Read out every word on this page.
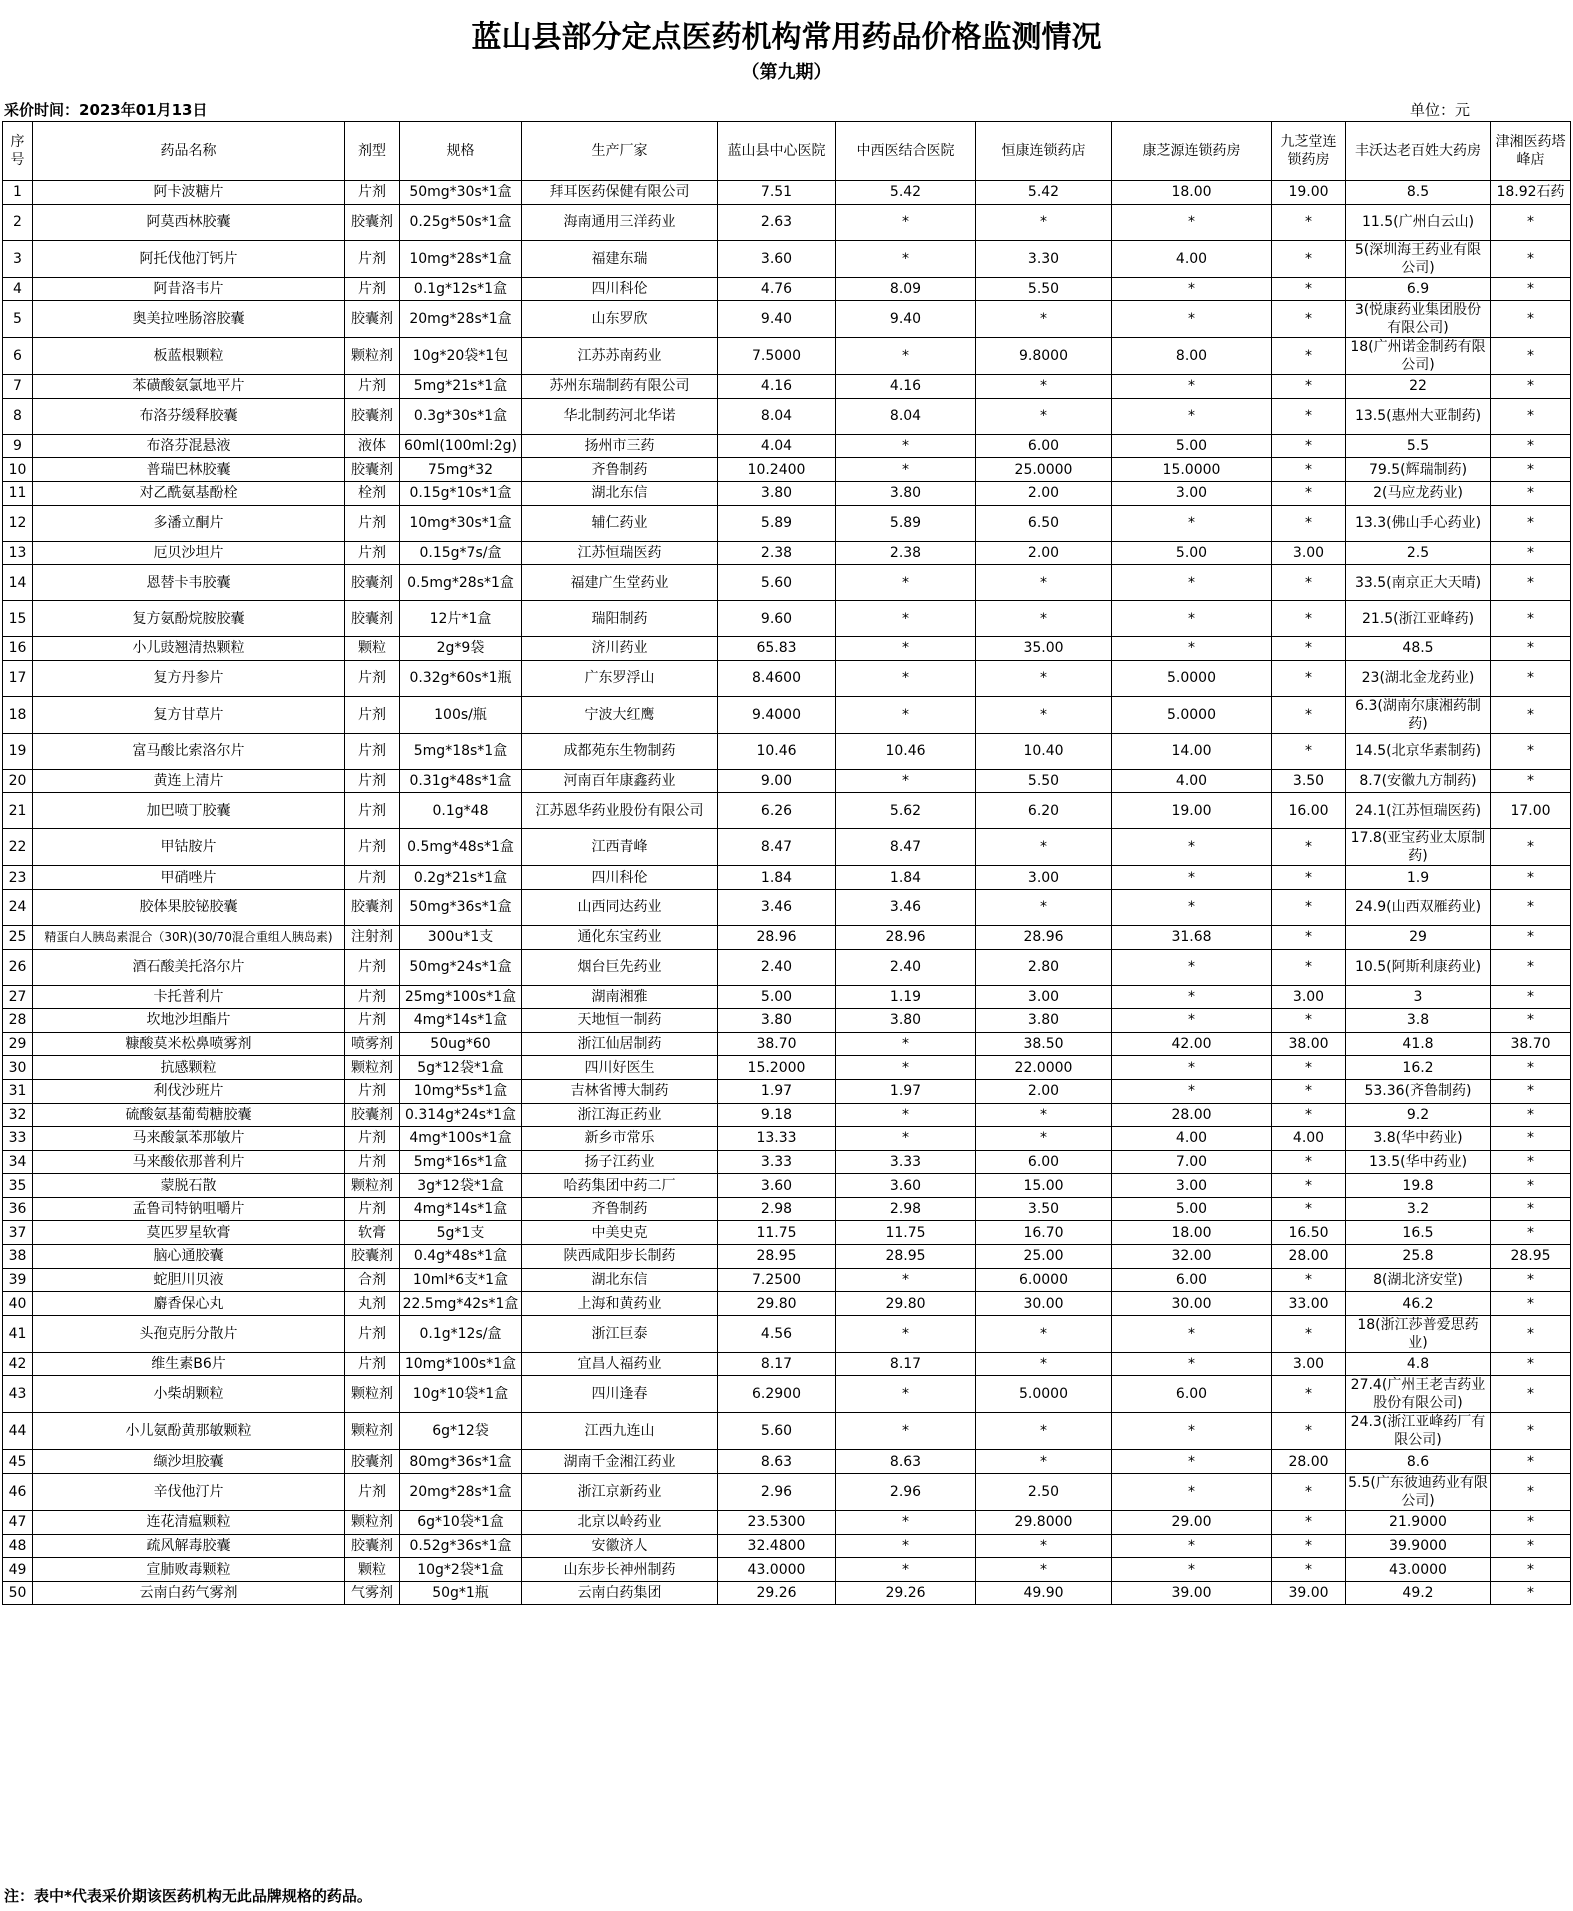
蓝山县部分定点医药机构常用药品价格监测情况
（第九期）
采价时间：2023年01月13日	单位：元
序号	药品名称	剂型	规格	生产厂家	蓝山县中心医院	中西医结合医院	恒康连锁药店	康芝源连锁药房	九芝堂连锁药房	丰沃达老百姓大药房	津湘医药塔峰店
1	阿卡波糖片	片剂	50mg*30s*1盒	拜耳医药保健有限公司	7.51	5.42	5.42	18.00	19.00	8.5	18.92石药
2	阿莫西林胶囊	胶囊剂	0.25g*50s*1盒	海南通用三洋药业	2.63	*	*	*	*	11.5(广州白云山)	*
3	阿托伐他汀钙片	片剂	10mg*28s*1盒	福建东瑞	3.60	*	3.30	4.00	*	5(深圳海王药业有限公司)	*
4	阿昔洛韦片	片剂	0.1g*12s*1盒	四川科伦	4.76	8.09	5.50	*	*	6.9	*
5	奥美拉唑肠溶胶囊	胶囊剂	20mg*28s*1盒	山东罗欣	9.40	9.40	*	*	*	3(悦康药业集团股份有限公司)	*
6	板蓝根颗粒	颗粒剂	10g*20袋*1包	江苏苏南药业	7.5000	*	9.8000	8.00	*	18(广州诺金制药有限公司)	*
7	苯磺酸氨氯地平片	片剂	5mg*21s*1盒	苏州东瑞制药有限公司	4.16	4.16	*	*	*	22	*
8	布洛芬缓释胶囊	胶囊剂	0.3g*30s*1盒	华北制药河北华诺	8.04	8.04	*	*	*	13.5(惠州大亚制药)	*
9	布洛芬混悬液	液体	60ml(100ml:2g)	扬州市三药	4.04	*	6.00	5.00	*	5.5	*
10	普瑞巴林胶囊	胶囊剂	75mg*32	齐鲁制药	10.2400	*	25.0000	15.0000	*	79.5(辉瑞制药)	*
11	对乙酰氨基酚栓	栓剂	0.15g*10s*1盒	湖北东信	3.80	3.80	2.00	3.00	*	2(马应龙药业)	*
12	多潘立酮片	片剂	10mg*30s*1盒	辅仁药业	5.89	5.89	6.50	*	*	13.3(佛山手心药业)	*
13	厄贝沙坦片	片剂	0.15g*7s/盒	江苏恒瑞医药	2.38	2.38	2.00	5.00	3.00	2.5	*
14	恩替卡韦胶囊	胶囊剂	0.5mg*28s*1盒	福建广生堂药业	5.60	*	*	*	*	33.5(南京正大天晴)	*
15	复方氨酚烷胺胶囊	胶囊剂	12片*1盒	瑞阳制药	9.60	*	*	*	*	21.5(浙江亚峰药)	*
16	小儿豉翘清热颗粒	颗粒	2g*9袋	济川药业	65.83	*	35.00	*	*	48.5	*
17	复方丹参片	片剂	0.32g*60s*1瓶	广东罗浮山	8.4600	*	*	5.0000	*	23(湖北金龙药业)	*
18	复方甘草片	片剂	100s/瓶	宁波大红鹰	9.4000	*	*	5.0000	*	6.3(湖南尔康湘药制药)	*
19	富马酸比索洛尔片	片剂	5mg*18s*1盒	成都苑东生物制药	10.46	10.46	10.40	14.00	*	14.5(北京华素制药)	*
20	黄连上清片	片剂	0.31g*48s*1盒	河南百年康鑫药业	9.00	*	5.50	4.00	3.50	8.7(安徽九方制药)	*
21	加巴喷丁胶囊	片剂	0.1g*48	江苏恩华药业股份有限公司	6.26	5.62	6.20	19.00	16.00	24.1(江苏恒瑞医药)	17.00
22	甲钴胺片	片剂	0.5mg*48s*1盒	江西青峰	8.47	8.47	*	*	*	17.8(亚宝药业太原制药)	*
23	甲硝唑片	片剂	0.2g*21s*1盒	四川科伦	1.84	1.84	3.00	*	*	1.9	*
24	胶体果胶铋胶囊	胶囊剂	50mg*36s*1盒	山西同达药业	3.46	3.46	*	*	*	24.9(山西双雁药业)	*
25	精蛋白人胰岛素混合（30R)(30/70混合重组人胰岛素)	注射剂	300u*1支	通化东宝药业	28.96	28.96	28.96	31.68	*	29	*
26	酒石酸美托洛尔片	片剂	50mg*24s*1盒	烟台巨先药业	2.40	2.40	2.80	*	*	10.5(阿斯利康药业)	*
27	卡托普利片	片剂	25mg*100s*1盒	湖南湘雅	5.00	1.19	3.00	*	3.00	3	*
28	坎地沙坦酯片	片剂	4mg*14s*1盒	天地恒一制药	3.80	3.80	3.80	*	*	3.8	*
29	糠酸莫米松鼻喷雾剂	喷雾剂	50ug*60	浙江仙居制药	38.70	*	38.50	42.00	38.00	41.8	38.70
30	抗感颗粒	颗粒剂	5g*12袋*1盒	四川好医生	15.2000	*	22.0000	*	*	16.2	*
31	利伐沙班片	片剂	10mg*5s*1盒	吉林省博大制药	1.97	1.97	2.00	*	*	53.36(齐鲁制药)	*
32	硫酸氨基葡萄糖胶囊	胶囊剂	0.314g*24s*1盒	浙江海正药业	9.18	*	*	28.00	*	9.2	*
33	马来酸氯苯那敏片	片剂	4mg*100s*1盒	新乡市常乐	13.33	*	*	4.00	4.00	3.8(华中药业)	*
34	马来酸依那普利片	片剂	5mg*16s*1盒	扬子江药业	3.33	3.33	6.00	7.00	*	13.5(华中药业)	*
35	蒙脱石散	颗粒剂	3g*12袋*1盒	哈药集团中药二厂	3.60	3.60	15.00	3.00	*	19.8	*
36	孟鲁司特钠咀嚼片	片剂	4mg*14s*1盒	齐鲁制药	2.98	2.98	3.50	5.00	*	3.2	*
37	莫匹罗星软膏	软膏	5g*1支	中美史克	11.75	11.75	16.70	18.00	16.50	16.5	*
38	脑心通胶囊	胶囊剂	0.4g*48s*1盒	陕西咸阳步长制药	28.95	28.95	25.00	32.00	28.00	25.8	28.95
39	蛇胆川贝液	合剂	10ml*6支*1盒	湖北东信	7.2500	*	6.0000	6.00	*	8(湖北济安堂)	*
40	麝香保心丸	丸剂	22.5mg*42s*1盒	上海和黄药业	29.80	29.80	30.00	30.00	33.00	46.2	*
41	头孢克肟分散片	片剂	0.1g*12s/盒	浙江巨泰	4.56	*	*	*	*	18(浙江莎普爱思药业)	*
42	维生素B6片	片剂	10mg*100s*1盒	宜昌人福药业	8.17	8.17	*	*	3.00	4.8	*
43	小柴胡颗粒	颗粒剂	10g*10袋*1盒	四川逢春	6.2900	*	5.0000	6.00	*	27.4(广州王老吉药业股份有限公司)	*
44	小儿氨酚黄那敏颗粒	颗粒剂	6g*12袋	江西九连山	5.60	*	*	*	*	24.3(浙江亚峰药厂有限公司)	*
45	缬沙坦胶囊	胶囊剂	80mg*36s*1盒	湖南千金湘江药业	8.63	8.63	*	*	28.00	8.6	*
46	辛伐他汀片	片剂	20mg*28s*1盒	浙江京新药业	2.96	2.96	2.50	*	*	5.5(广东彼迪药业有限公司)	*
47	连花清瘟颗粒	颗粒剂	6g*10袋*1盒	北京以岭药业	23.5300	*	29.8000	29.00	*	21.9000	*
48	疏风解毒胶囊	胶囊剂	0.52g*36s*1盒	安徽济人	32.4800	*	*	*	*	39.9000	*
49	宣肺败毒颗粒	颗粒	10g*2袋*1盒	山东步长神州制药	43.0000	*	*	*	*	43.0000	*
50	云南白药气雾剂	气雾剂	50g*1瓶	云南白药集团	29.26	29.26	49.90	39.00	39.00	49.2	*
注：表中*代表采价期该医药机构无此品牌规格的药品。
